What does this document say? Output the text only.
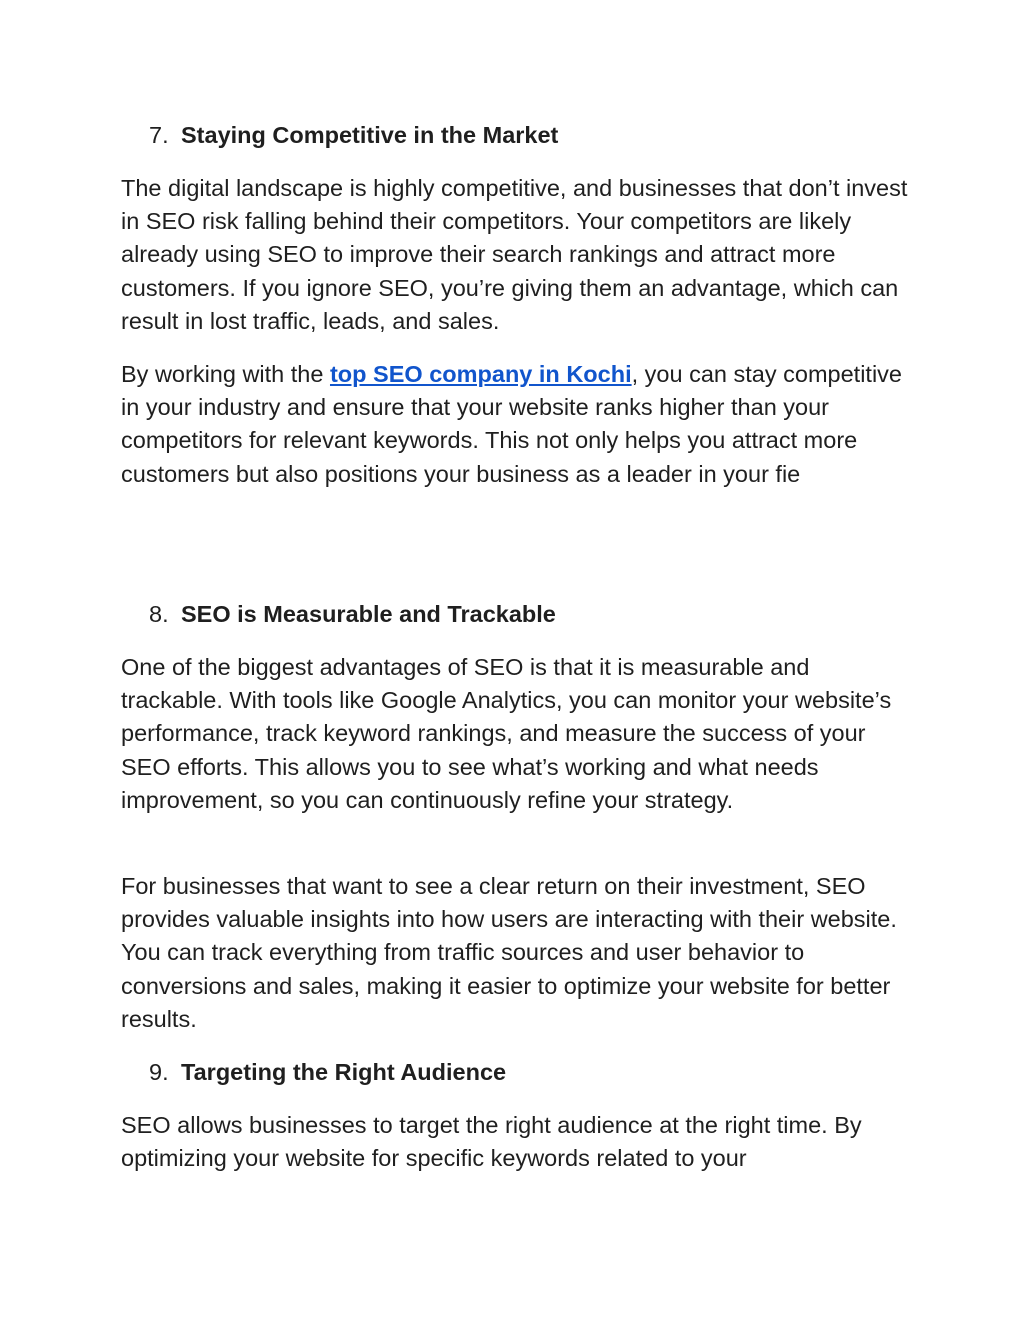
7. Staying Competitive in the Market

The digital landscape is highly competitive, and businesses that don’t invest in SEO risk falling behind their competitors. Your competitors are likely already using SEO to improve their search rankings and attract more customers. If you ignore SEO, you’re giving them an advantage, which can result in lost traffic, leads, and sales.

By working with the top SEO company in Kochi, you can stay competitive in your industry and ensure that your website ranks higher than your competitors for relevant keywords. This not only helps you attract more customers but also positions your business as a leader in your fie

8. SEO is Measurable and Trackable

One of the biggest advantages of SEO is that it is measurable and trackable. With tools like Google Analytics, you can monitor your website’s performance, track keyword rankings, and measure the success of your SEO efforts. This allows you to see what’s working and what needs improvement, so you can continuously refine your strategy.

For businesses that want to see a clear return on their investment, SEO provides valuable insights into how users are interacting with their website. You can track everything from traffic sources and user behavior to conversions and sales, making it easier to optimize your website for better results.

9. Targeting the Right Audience

SEO allows businesses to target the right audience at the right time. By optimizing your website for specific keywords related to your
